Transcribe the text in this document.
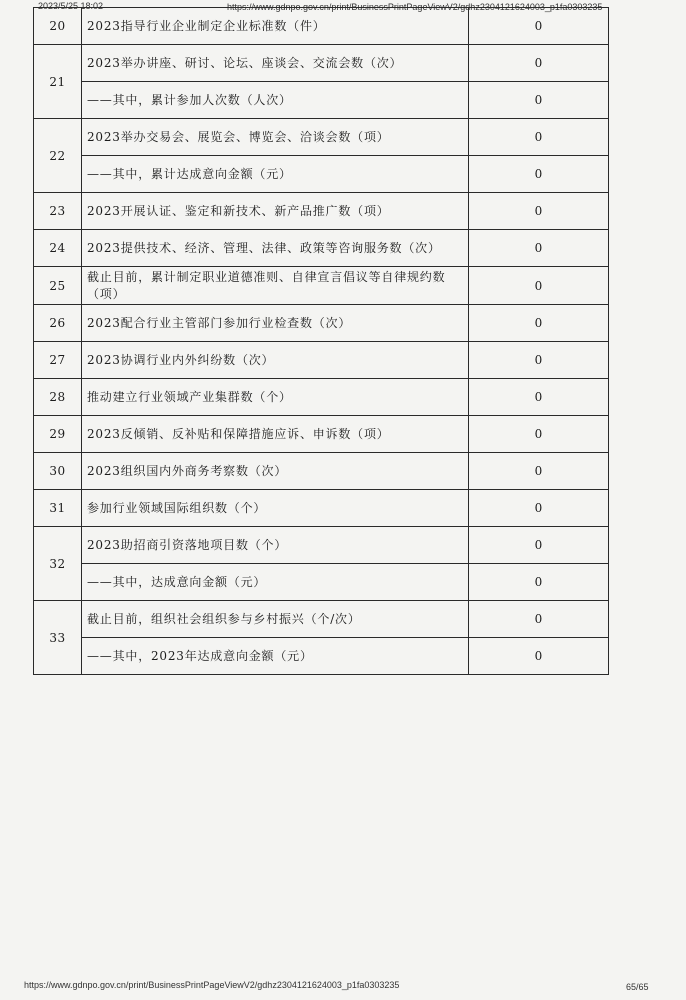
2023/5/25 18:02	https://www.gdnpo.gov.cn/print/BusinessPrintPageViewV2/gdhz2304121624003_p1fa0303235
20	2023指导行业企业制定企业标准数（件）	0
21	2023举办讲座、研讨、论坛、座谈会、交流会数（次）	0
	——其中，累计参加人次数（人次）	0
22	2023举办交易会、展览会、博览会、洽谈会数（项）	0
	——其中，累计达成意向金额（元）	0
23	2023开展认证、鉴定和新技术、新产品推广数（项）	0
24	2023提供技术、经济、管理、法律、政策等咨询服务数（次）	0
25	截止目前，累计制定职业道德准则、自律宣言倡议等自律规约数（项）	0
26	2023配合行业主管部门参加行业检查数（次）	0
27	2023协调行业内外纠纷数（次）	0
28	推动建立行业领域产业集群数（个）	0
29	2023反倾销、反补贴和保障措施应诉、申诉数（项）	0
30	2023组织国内外商务考察数（次）	0
31	参加行业领域国际组织数（个）	0
32	2023助招商引资落地项目数（个）	0
	——其中，达成意向金额（元）	0
33	截止目前，组织社会组织参与乡村振兴（个/次）	0
	——其中，2023年达成意向金额（元）	0
https://www.gdnpo.gov.cn/print/BusinessPrintPageViewV2/gdhz2304121624003_p1fa0303235	65/65
